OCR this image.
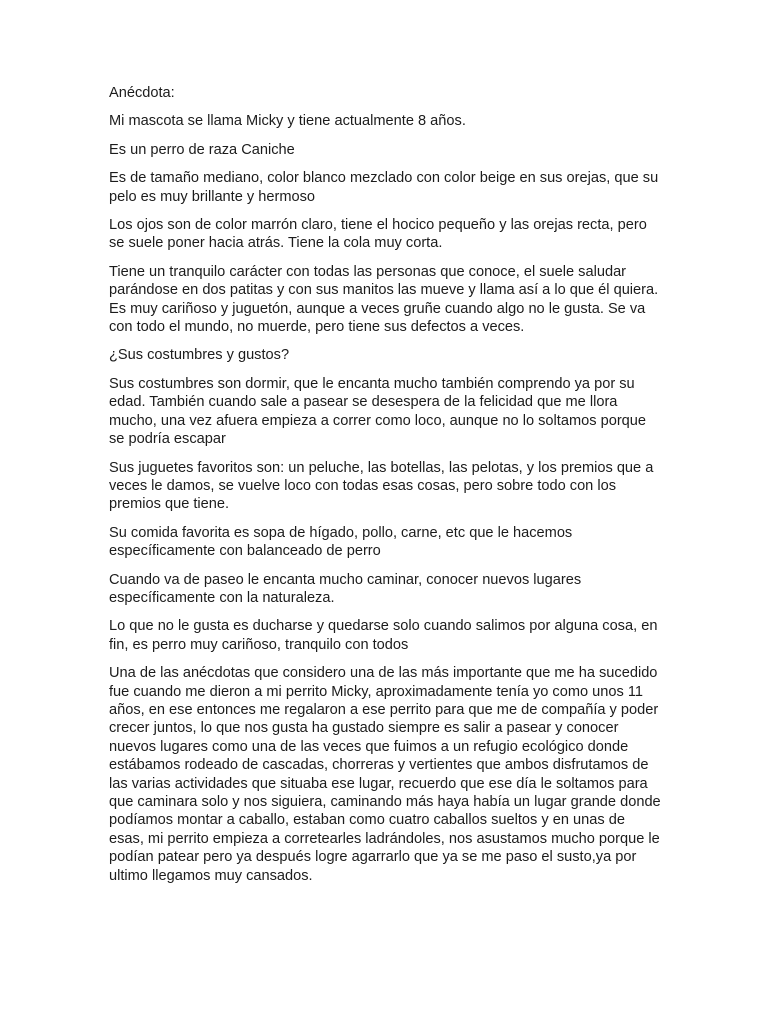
Anécdota:

Mi mascota se llama Micky y tiene actualmente 8 años.

Es un perro de raza Caniche

Es de tamaño mediano, color blanco mezclado con color beige en sus orejas, que su pelo es muy brillante y hermoso

Los ojos son de color marrón claro, tiene el hocico pequeño y las orejas recta, pero se suele poner hacia atrás. Tiene la cola muy corta.

Tiene un tranquilo carácter con todas las personas que conoce, el suele saludar parándose en dos patitas y con sus manitos las mueve y llama así a lo que él quiera. Es muy cariñoso y juguetón, aunque a veces gruñe cuando algo no le gusta. Se va con todo el mundo, no muerde, pero tiene sus defectos a veces.

¿Sus costumbres y gustos?

Sus costumbres son dormir, que le encanta mucho también comprendo ya por su edad. También cuando sale a pasear se desespera de la felicidad que me llora mucho, una vez afuera empieza a correr como loco, aunque no lo soltamos porque se podría escapar

Sus juguetes favoritos son: un peluche, las botellas, las pelotas, y los premios que a veces le damos, se vuelve loco con todas esas cosas, pero sobre todo con los premios que tiene.

Su comida favorita es sopa de hígado, pollo, carne, etc que le hacemos específicamente con balanceado de perro

Cuando va de paseo le encanta mucho caminar, conocer nuevos lugares específicamente con la naturaleza.

Lo que no le gusta es ducharse y quedarse solo cuando salimos por alguna cosa, en fin, es perro muy cariñoso, tranquilo con todos

Una de las anécdotas que considero una de las más importante que me ha sucedido fue cuando me dieron a mi perrito Micky, aproximadamente tenía yo como unos 11 años, en ese entonces me regalaron a ese perrito para que me de compañía y poder crecer juntos, lo que nos gusta ha gustado siempre es salir a pasear y conocer nuevos lugares como una de las veces que fuimos a un refugio ecológico donde estábamos rodeado de cascadas, chorreras y vertientes que ambos disfrutamos de las varias actividades que situaba ese lugar, recuerdo que ese día le soltamos para que caminara solo y nos siguiera, caminando más haya había un lugar grande donde podíamos montar a caballo, estaban como cuatro caballos sueltos y en unas de esas, mi perrito empieza a corretearles ladrándoles, nos asustamos mucho porque le podían patear pero ya después logre agarrarlo que ya se me paso el susto,ya por ultimo llegamos muy cansados.
